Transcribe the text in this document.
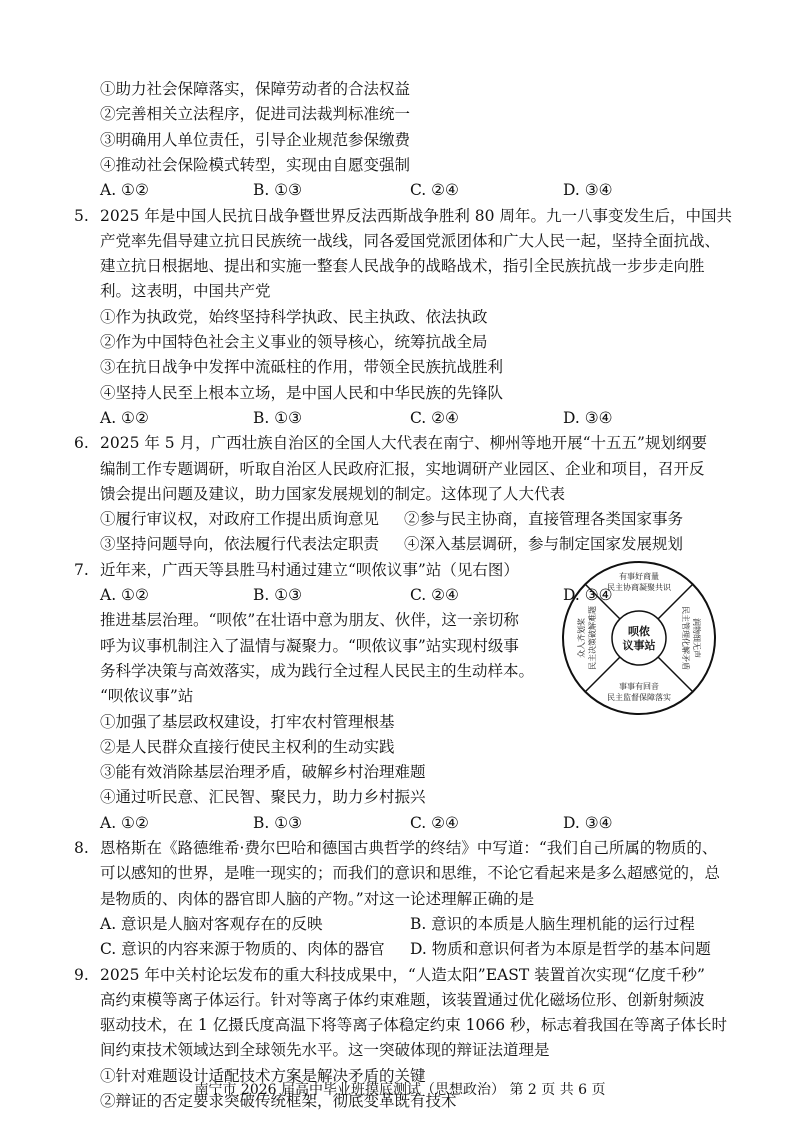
①助力社会保障落实，保障劳动者的合法权益
②完善相关立法程序，促进司法裁判标准统一
③明确用人单位责任，引导企业规范参保缴费
④推动社会保险模式转型，实现由自愿变强制
A. ①②	B. ①③	C. ②④	D. ③④
5. 2025 年是中国人民抗日战争暨世界反法西斯战争胜利 80 周年。九一八事变发生后，中国共
产党率先倡导建立抗日民族统一战线，同各爱国党派团体和广大人民一起，坚持全面抗战、
建立抗日根据地、提出和实施一整套人民战争的战略战术，指引全民族抗战一步步走向胜
利。这表明，中国共产党
①作为执政党，始终坚持科学执政、民主执政、依法执政
②作为中国特色社会主义事业的领导核心，统筹抗战全局
③在抗日战争中发挥中流砥柱的作用，带领全民族抗战胜利
④坚持人民至上根本立场，是中国人民和中华民族的先锋队
A. ①②	B. ①③	C. ②④	D. ③④
6. 2025 年 5 月，广西壮族自治区的全国人大代表在南宁、柳州等地开展“十五五”规划纲要
编制工作专题调研，听取自治区人民政府汇报，实地调研产业园区、企业和项目，召开反
馈会提出问题及建议，助力国家发展规划的制定。这体现了人大代表
①履行审议权，对政府工作提出质询意见 ②参与民主协商，直接管理各类国家事务
③坚持问题导向，依法履行代表法定职责 ④深入基层调研，参与制定国家发展规划
A. ①②	B. ①③	C. ②④	D. ③④
7. 近年来，广西天等县胜马村通过建立“呗侬议事”站（见右图）
推进基层治理。“呗侬”在壮语中意为朋友、伙伴，这一亲切称
呼为议事机制注入了温情与凝聚力。“呗侬议事”站实现村级事
务科学决策与高效落实，成为践行全过程人民民主的生动样本。
“呗侬议事”站
①加强了基层政权建设，打牢农村管理根基
②是人民群众直接行使民主权利的生动实践
③能有效消除基层治理矛盾，破解乡村治理难题
④通过听民意、汇民智、聚民力，助力乡村振兴
A. ①②	B. ①③	C. ②④	D. ③④
呗侬
议事站
有事好商量
民主协商凝聚共识
事事有回音
民主监督保障落实
润物细无声
民主管理化解矛盾
众人齐划桨 民主决策破解难题
8. 恩格斯在《路德维希·费尔巴哈和德国古典哲学的终结》中写道：“我们自己所属的物质的、
可以感知的世界，是唯一现实的；而我们的意识和思维，不论它看起来是多么超感觉的，总
是物质的、肉体的器官即人脑的产物。”对这一论述理解正确的是
A. 意识是人脑对客观存在的反映	B. 意识的本质是人脑生理机能的运行过程
C. 意识的内容来源于物质的、肉体的器官 D. 物质和意识何者为本原是哲学的基本问题
9. 2025 年中关村论坛发布的重大科技成果中，“人造太阳”EAST 装置首次实现“亿度千秒”
高约束模等离子体运行。针对等离子体约束难题，该装置通过优化磁场位形、创新射频波
驱动技术，在 1 亿摄氏度高温下将等离子体稳定约束 1066 秒，标志着我国在等离子体长时
间约束技术领域达到全球领先水平。这一突破体现的辩证法道理是
①针对难题设计适配技术方案是解决矛盾的关键
南宁市 2026 届高中毕业班摸底测试（思想政治） 第 2 页 共 6 页
②辩证的否定要求突破传统框架，彻底变革既有技术
